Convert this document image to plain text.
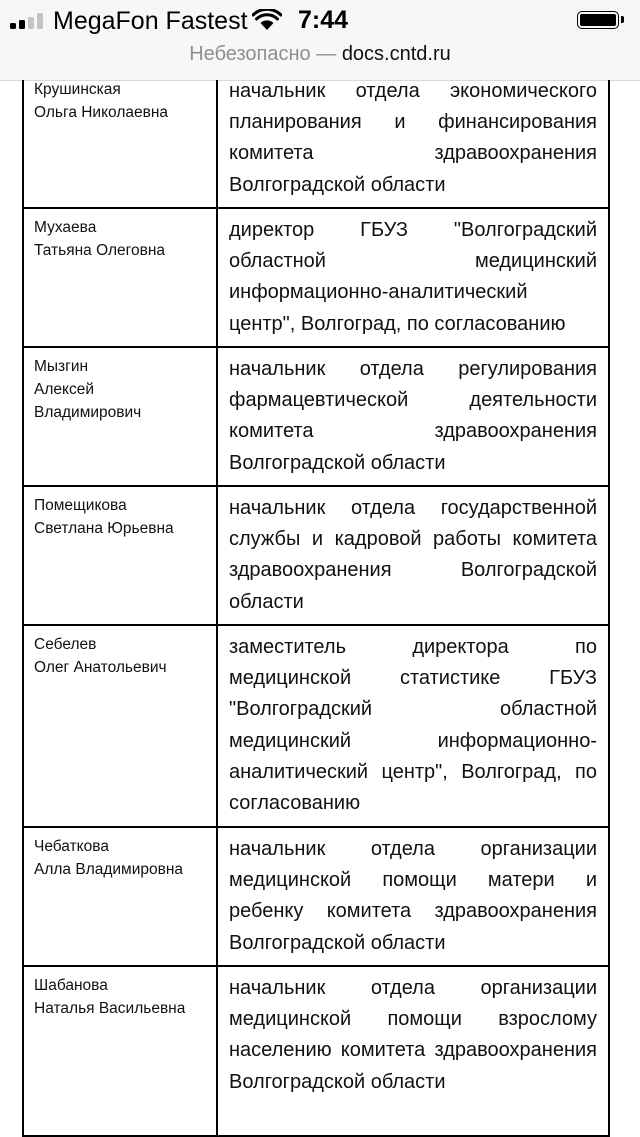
MegaFon Fastest 7:44
Небезопасно — docs.cntd.ru
Крушинская
Ольга Николаевна
начальник отдела экономического планирования и финансирования комитета здравоохранения Волгоградской области
Мухаева
Татьяна Олеговна
директор ГБУЗ "Волгоградский областной медицинский информационно-аналитический центр", Волгоград, по согласованию
Мызгин
Алексей
Владимирович
начальник отдела регулирования фармацевтической деятельности комитета здравоохранения Волгоградской области
Помещикова
Светлана Юрьевна
начальник отдела государственной службы и кадровой работы комитета здравоохранения Волгоградской области
Себелев
Олег Анатольевич
заместитель директора по медицинской статистике ГБУЗ "Волгоградский областной медицинский информационно-аналитический центр", Волгоград, по согласованию
Чебаткова
Алла Владимировна
начальник отдела организации медицинской помощи матери и ребенку комитета здравоохранения Волгоградской области
Шабанова
Наталья Васильевна
начальник отдела организации медицинской помощи взрослому населению комитета здравоохранения Волгоградской области
